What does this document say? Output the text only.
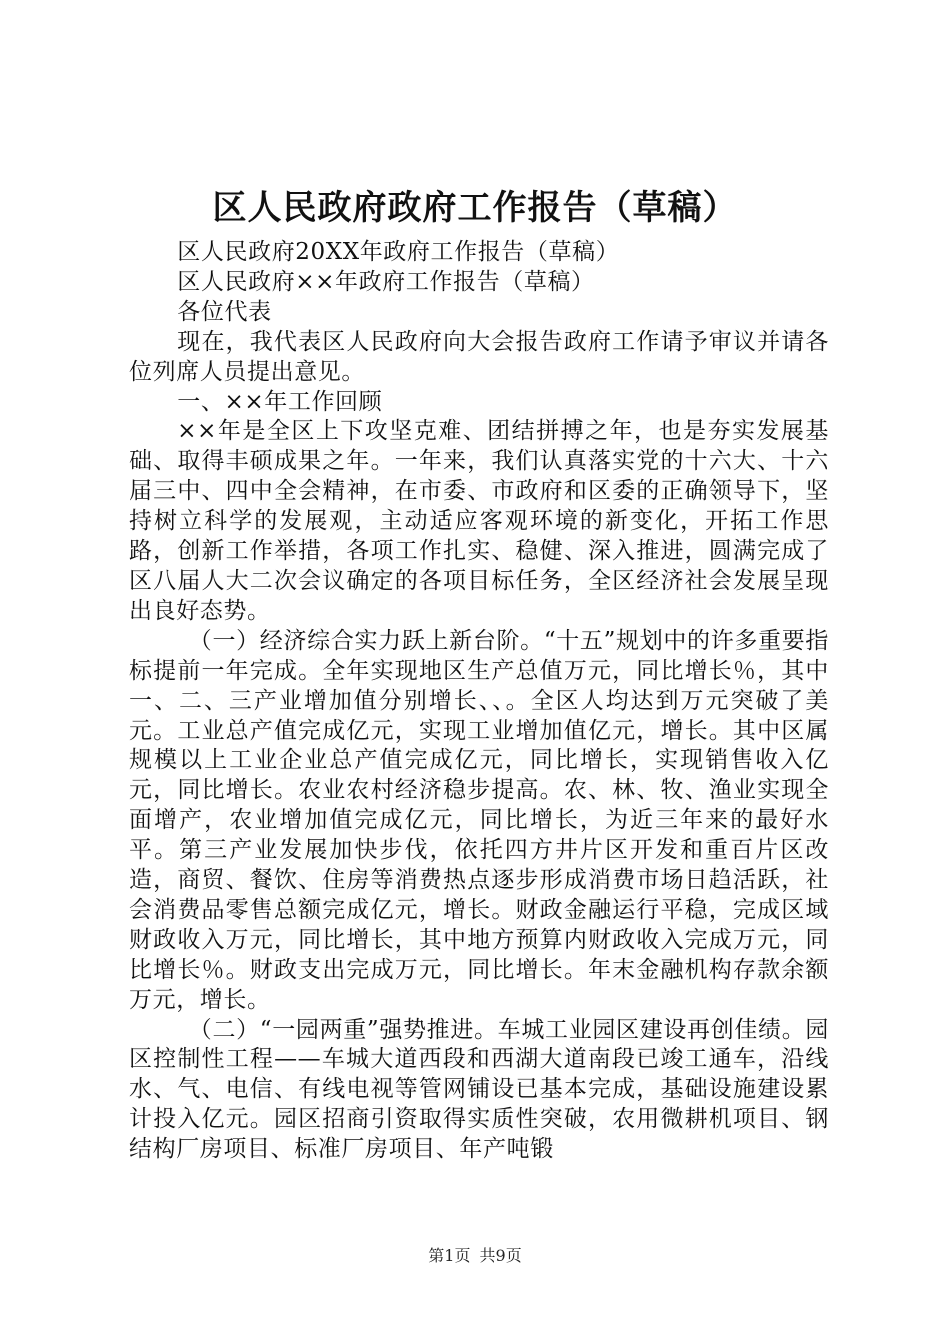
区人民政府政府工作报告（草稿）

区人民政府20XX年政府工作报告（草稿）

区人民政府××年政府工作报告（草稿）

各位代表

现在，我代表区人民政府向大会报告政府工作请予审议并请各位列席人员提出意见。

一、××年工作回顾

××年是全区上下攻坚克难、团结拼搏之年，也是夯实发展基础、取得丰硕成果之年。一年来，我们认真落实党的十六大、十六届三中、四中全会精神，在市委、市政府和区委的正确领导下，坚持树立科学的发展观，主动适应客观环境的新变化，开拓工作思路，创新工作举措，各项工作扎实、稳健、深入推进，圆满完成了区八届人大二次会议确定的各项目标任务，全区经济社会发展呈现出良好态势。

（一）经济综合实力跃上新台阶。“十五”规划中的许多重要指标提前一年完成。全年实现地区生产总值万元，同比增长％，其中一、二、三产业增加值分别增长、、。全区人均达到万元突破了美元。工业总产值完成亿元，实现工业增加值亿元，增长。其中区属规模以上工业企业总产值完成亿元，同比增长，实现销售收入亿元，同比增长。农业农村经济稳步提高。农、林、牧、渔业实现全面增产，农业增加值完成亿元，同比增长，为近三年来的最好水平。第三产业发展加快步伐，依托四方井片区开发和重百片区改造，商贸、餐饮、住房等消费热点逐步形成消费市场日趋活跃，社会消费品零售总额完成亿元，增长。财政金融运行平稳，完成区域财政收入万元，同比增长，其中地方预算内财政收入完成万元，同比增长％。财政支出完成万元，同比增长。年末金融机构存款余额万元，增长。

（二）“一园两重”强势推进。车城工业园区建设再创佳绩。园区控制性工程——车城大道西段和西湖大道南段已竣工通车，沿线水、气、电信、有线电视等管网铺设已基本完成，基础设施建设累计投入亿元。园区招商引资取得实质性突破，农用微耕机项目、钢结构厂房项目、标准厂房项目、年产吨锻

第1页 共9页
